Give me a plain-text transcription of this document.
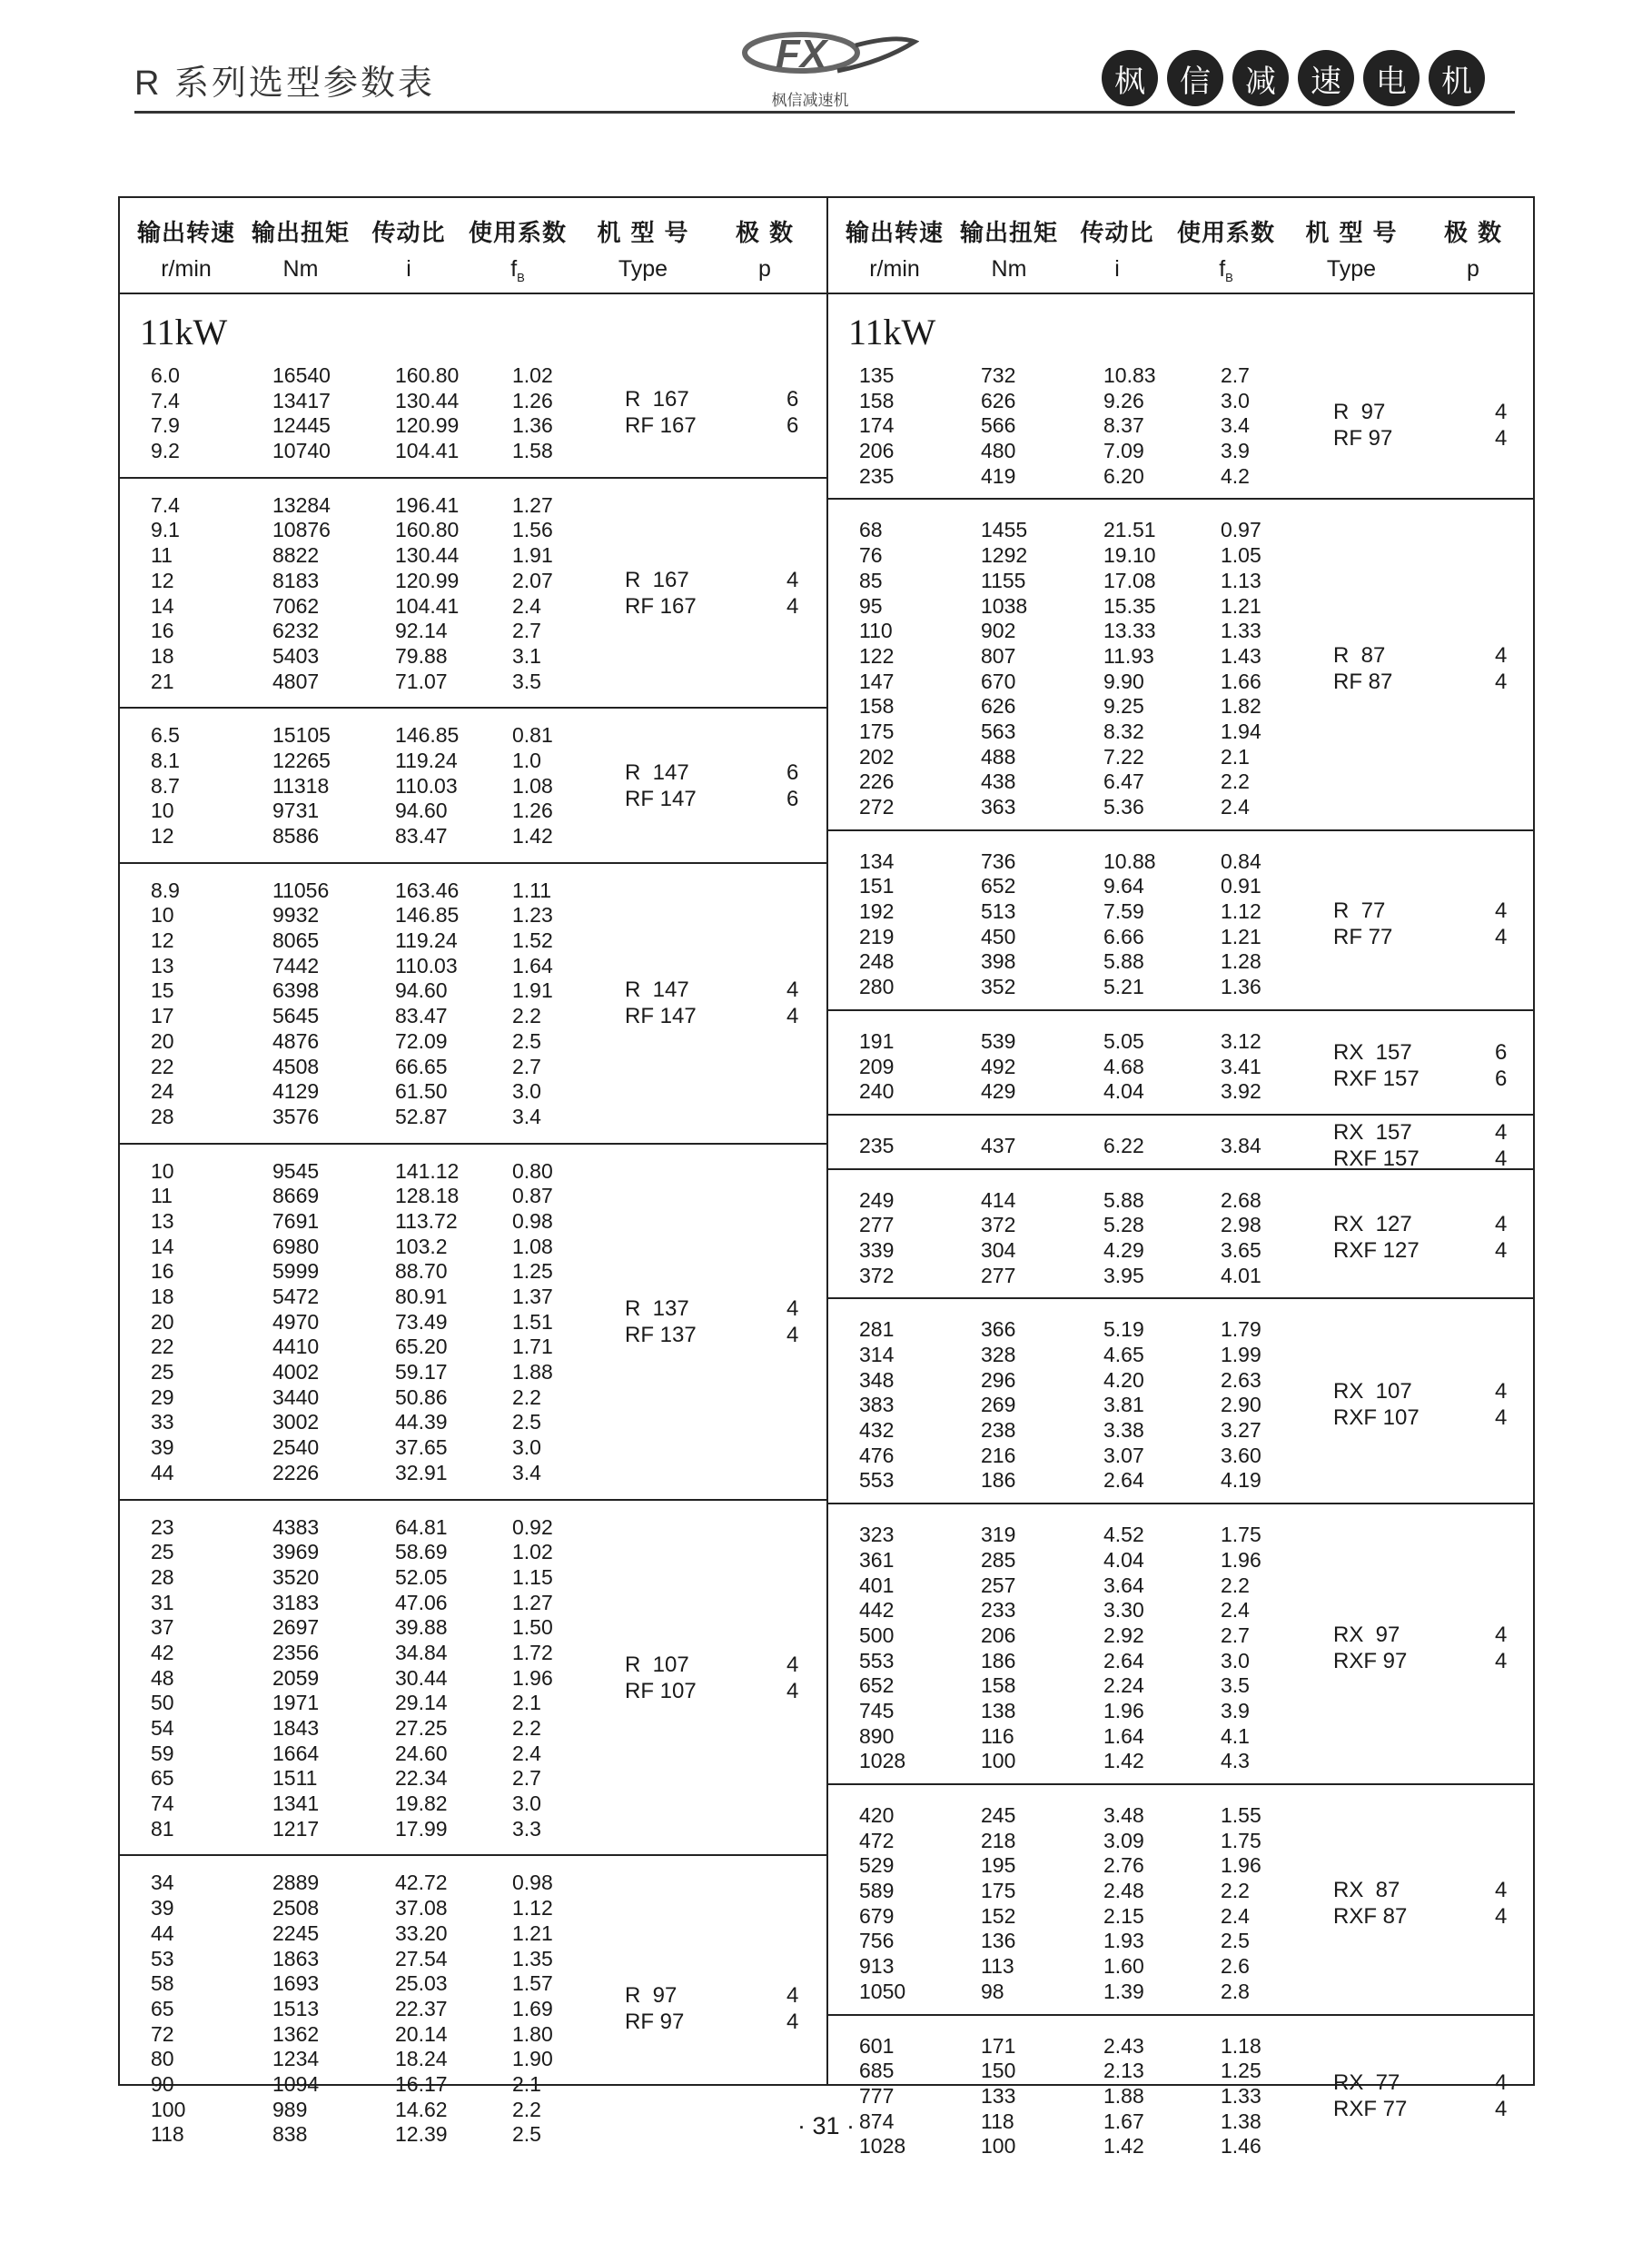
R 系列选型参数表
FX
枫信减速机
枫	信	减	速	电	机
输出转速 输出扭矩 传动比 使用系数	机 型 号	极 数
r/min	Nm	i	$f_B$	Type	p
输出转速 输出扭矩 传动比 使用系数	机 型 号	极 数
r/min	Nm	i	$f_B$	Type	p
11kW	11kW
6.0	16540	160.80	1.02
7.4	13417	130.44	1.26
7.9	12445	120.99	1.36
9.2	10740	104.41	1.58
R  167	6
RF 167	6
7.4	13284	196.41	1.27
9.1	10876	160.80	1.56
11	8822	130.44	1.91
12	8183	120.99	2.07
14	7062	104.41	2.4
16	6232	92.14	2.7
18	5403	79.88	3.1
21	4807	71.07	3.5
R  167	4
RF 167	4
6.5	15105	146.85	0.81
8.1	12265	119.24	1.0
8.7	11318	110.03	1.08
10	9731	94.60	1.26
12	8586	83.47	1.42
R  147	6
RF 147	6
8.9	11056	163.46	1.11
10	9932	146.85	1.23
12	8065	119.24	1.52
13	7442	110.03	1.64
15	6398	94.60	1.91
17	5645	83.47	2.2
20	4876	72.09	2.5
22	4508	66.65	2.7
24	4129	61.50	3.0
28	3576	52.87	3.4
R  147	4
RF 147	4
10	9545	141.12	0.80
11	8669	128.18	0.87
13	7691	113.72	0.98
14	6980	103.2	1.08
16	5999	88.70	1.25
18	5472	80.91	1.37
20	4970	73.49	1.51
22	4410	65.20	1.71
25	4002	59.17	1.88
29	3440	50.86	2.2
33	3002	44.39	2.5
39	2540	37.65	3.0
44	2226	32.91	3.4
R  137	4
RF 137	4
23	4383	64.81	0.92
25	3969	58.69	1.02
28	3520	52.05	1.15
31	3183	47.06	1.27
37	2697	39.88	1.50
42	2356	34.84	1.72
48	2059	30.44	1.96
50	1971	29.14	2.1
54	1843	27.25	2.2
59	1664	24.60	2.4
65	1511	22.34	2.7
74	1341	19.82	3.0
81	1217	17.99	3.3
R  107	4
RF 107	4
34	2889	42.72	0.98
39	2508	37.08	1.12
44	2245	33.20	1.21
53	1863	27.54	1.35
58	1693	25.03	1.57
65	1513	22.37	1.69
72	1362	20.14	1.80
80	1234	18.24	1.90
90	1094	16.17	2.1
100	989	14.62	2.2
118	838	12.39	2.5
R  97	4
RF 97	4
135	732	10.83	2.7
158	626	9.26	3.0
174	566	8.37	3.4
206	480	7.09	3.9
235	419	6.20	4.2
R  97	4
RF 97	4
68	1455	21.51	0.97
76	1292	19.10	1.05
85	1155	17.08	1.13
95	1038	15.35	1.21
110	902	13.33	1.33
122	807	11.93	1.43
147	670	9.90	1.66
158	626	9.25	1.82
175	563	8.32	1.94
202	488	7.22	2.1
226	438	6.47	2.2
272	363	5.36	2.4
R  87	4
RF 87	4
134	736	10.88	0.84
151	652	9.64	0.91
192	513	7.59	1.12
219	450	6.66	1.21
248	398	5.88	1.28
280	352	5.21	1.36
R  77	4
RF 77	4
191	539	5.05	3.12
209	492	4.68	3.41
240	429	4.04	3.92
RX  157	6
RXF 157	6
235	437	6.22	3.84
RX  157	4
RXF 157	4
249	414	5.88	2.68
277	372	5.28	2.98
339	304	4.29	3.65
372	277	3.95	4.01
RX  127	4
RXF 127	4
281	366	5.19	1.79
314	328	4.65	1.99
348	296	4.20	2.63
383	269	3.81	2.90
432	238	3.38	3.27
476	216	3.07	3.60
553	186	2.64	4.19
RX  107	4
RXF 107	4
323	319	4.52	1.75
361	285	4.04	1.96
401	257	3.64	2.2
442	233	3.30	2.4
500	206	2.92	2.7
553	186	2.64	3.0
652	158	2.24	3.5
745	138	1.96	3.9
890	116	1.64	4.1
1028	100	1.42	4.3
RX  97	4
RXF 97	4
420	245	3.48	1.55
472	218	3.09	1.75
529	195	2.76	1.96
589	175	2.48	2.2
679	152	2.15	2.4
756	136	1.93	2.5
913	113	1.60	2.6
1050	98	1.39	2.8
RX  87	4
RXF 87	4
601	171	2.43	1.18
685	150	2.13	1.25
777	133	1.88	1.33
874	118	1.67	1.38
1028	100	1.42	1.46
RX  77	4
RXF 77	4
· 31 ·
